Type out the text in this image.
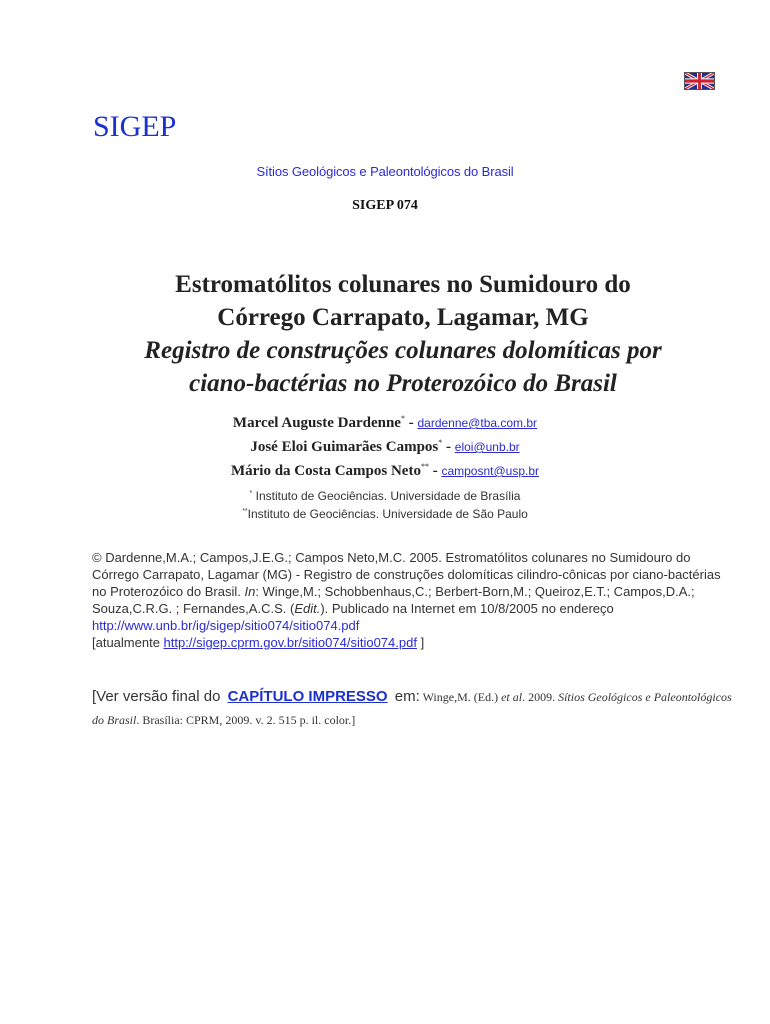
SIGEP
Sítios Geológicos e Paleontológicos do Brasil
SIGEP 074
Estromatólitos colunares no Sumidouro do
Córrego Carrapato, Lagamar, MG
Registro de construções colunares dolomíticas por
ciano-bactérias no Proterozóico do Brasil
Marcel Auguste Dardenne* - dardenne@tba.com.br
José Eloi Guimarães Campos* - eloi@unb.br
Mário da Costa Campos Neto** - camposnt@usp.br
* Instituto de Geociências. Universidade de Brasília
**Instituto de Geociências. Universidade de São Paulo
© Dardenne,M.A.; Campos,J.E.G.; Campos Neto,M.C. 2005. Estromatólitos colunares no Sumidouro do Córrego Carrapato, Lagamar (MG) - Registro de construções dolomíticas cilindro-cônicas por ciano-bactérias no Proterozóico do Brasil. In: Winge,M.; Schobbenhaus,C.; Berbert-Born,M.; Queiroz,E.T.; Campos,D.A.; Souza,C.R.G. ; Fernandes,A.C.S. (Edit.). Publicado na Internet em 10/8/2005 no endereço http://www.unb.br/ig/sigep/sitio074/sitio074.pdf
[atualmente http://sigep.cprm.gov.br/sitio074/sitio074.pdf ]
[Ver versão final do CAPÍTULO IMPRESSO em: Winge,M. (Ed.) et al. 2009. Sítios Geológicos e Paleontológicos do Brasil. Brasília: CPRM, 2009. v. 2. 515 p. il. color.]
